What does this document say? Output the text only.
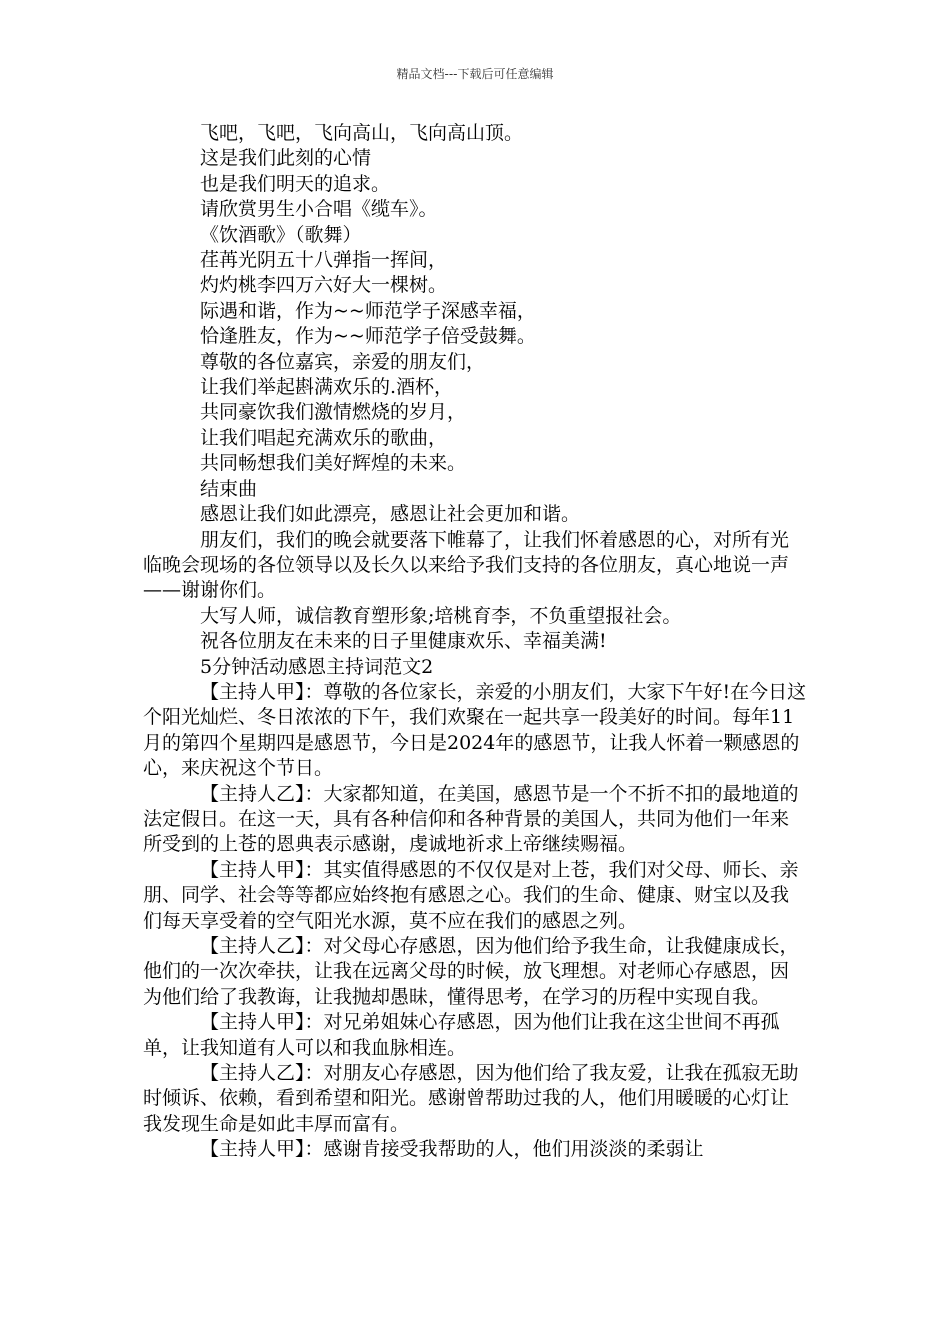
精品文档---下载后可任意编辑

飞吧，飞吧，飞向高山，飞向高山顶。

这是我们此刻的心情

也是我们明天的追求。

请欣赏男生小合唱《缆车》。

《饮酒歌》（歌舞）

荏苒光阴五十八弹指一挥间，

灼灼桃李四万六好大一棵树。

际遇和谐，作为~~师范学子深感幸福，

恰逢胜友，作为~~师范学子倍受鼓舞。

尊敬的各位嘉宾，亲爱的朋友们，

让我们举起斟满欢乐的.酒杯，

共同豪饮我们激情燃烧的岁月，

让我们唱起充满欢乐的歌曲，

共同畅想我们美好辉煌的未来。

结束曲

感恩让我们如此漂亮，感恩让社会更加和谐。

朋友们，我们的晚会就要落下帷幕了，让我们怀着感恩的心，对所有光临晚会现场的各位领导以及长久以来给予我们支持的各位朋友，真心地说一声——谢谢你们。

大写人师，诚信教育塑形象;培桃育李，不负重望报社会。

祝各位朋友在未来的日子里健康欢乐、幸福美满!

5分钟活动感恩主持词范文2

【主持人甲】：尊敬的各位家长，亲爱的小朋友们，大家下午好!在今日这个阳光灿烂、冬日浓浓的下午，我们欢聚在一起共享一段美好的时间。每年11月的第四个星期四是感恩节，今日是2024年的感恩节，让我人怀着一颗感恩的心，来庆祝这个节日。

【主持人乙】：大家都知道，在美国，感恩节是一个不折不扣的最地道的法定假日。在这一天，具有各种信仰和各种背景的美国人，共同为他们一年来所受到的上苍的恩典表示感谢，虔诚地祈求上帝继续赐福。

【主持人甲】：其实值得感恩的不仅仅是对上苍，我们对父母、师长、亲朋、同学、社会等等都应始终抱有感恩之心。我们的生命、健康、财宝以及我们每天享受着的空气阳光水源，莫不应在我们的感恩之列。

【主持人乙】：对父母心存感恩，因为他们给予我生命，让我健康成长，他们的一次次牵扶，让我在远离父母的时候，放飞理想。对老师心存感恩，因为他们给了我教诲，让我抛却愚昧，懂得思考，在学习的历程中实现自我。

【主持人甲】：对兄弟姐妹心存感恩，因为他们让我在这尘世间不再孤单，让我知道有人可以和我血脉相连。

【主持人乙】：对朋友心存感恩，因为他们给了我友爱，让我在孤寂无助时倾诉、依赖，看到希望和阳光。感谢曾帮助过我的人，他们用暖暖的心灯让我发现生命是如此丰厚而富有。

【主持人甲】：感谢肯接受我帮助的人，他们用淡淡的柔弱让
